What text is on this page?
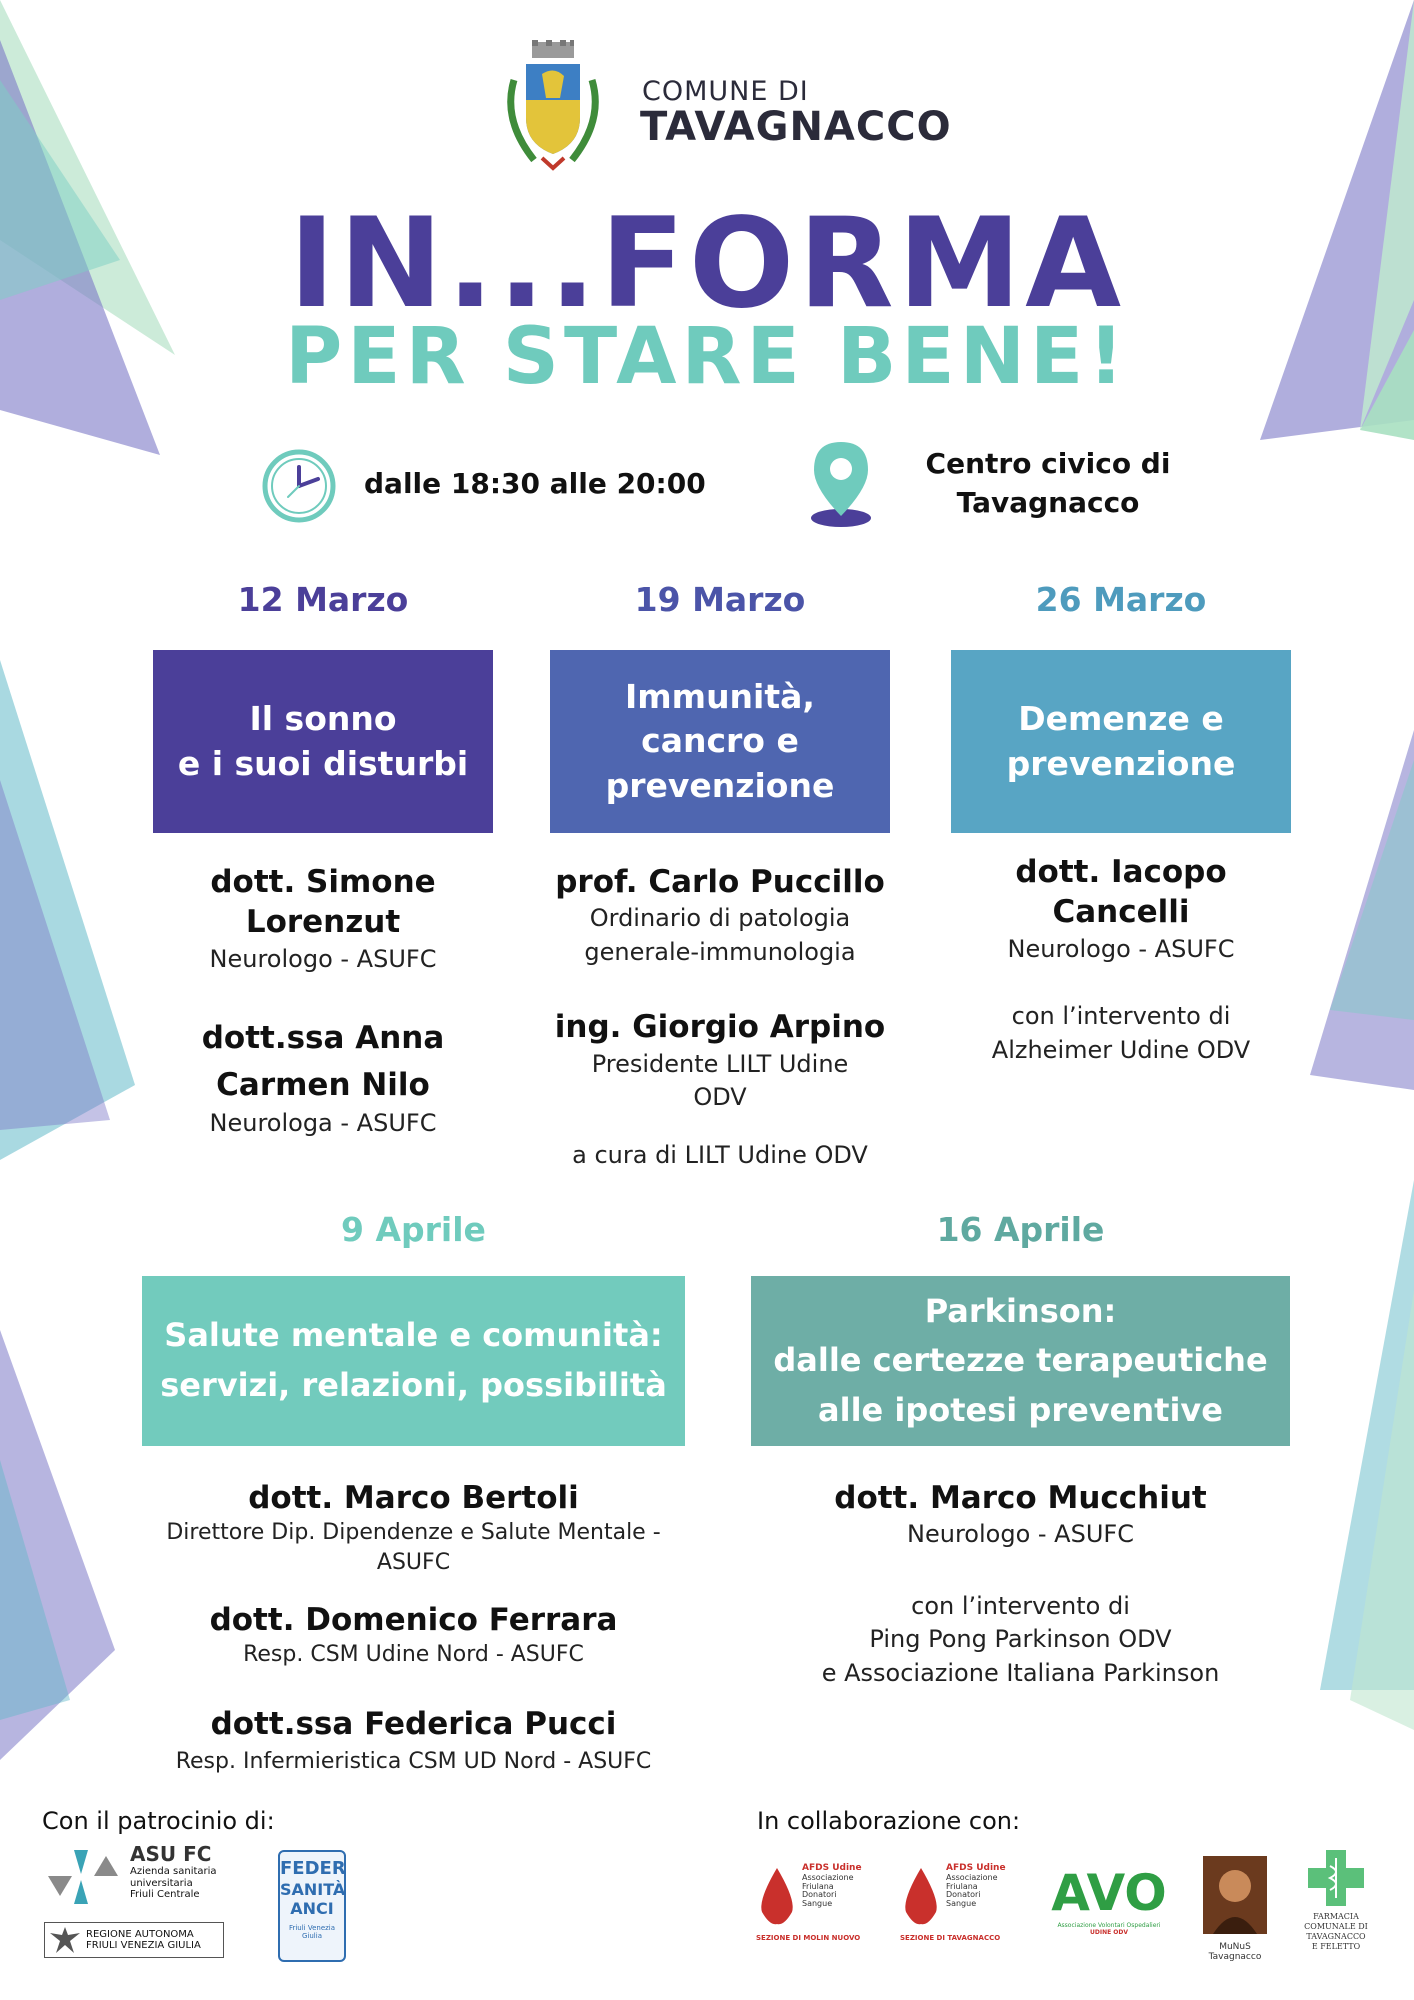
COMUNE DI
TAVAGNACCO
IN...FORMA
PER STARE BENE!
dalle 18:30 alle 20:00
Centro civico di
Tavagnacco
12 Marzo
Il sonno
e i suoi disturbi
dott. Simone
Lorenzut
Neurologo - ASUFC
dott.ssa Anna
Carmen Nilo
Neurologa - ASUFC
19 Marzo
Immunità,
cancro e
prevenzione
prof. Carlo Puccillo
Ordinario di patologia
generale-immunologia
ing. Giorgio Arpino
Presidente LILT Udine
ODV
a cura di LILT Udine ODV
26 Marzo
Demenze e
prevenzione
dott. Iacopo
Cancelli
Neurologo - ASUFC
con l’intervento di
Alzheimer Udine ODV
9 Aprile
Salute mentale e comunità:
servizi, relazioni, possibilità
dott. Marco Bertoli
Direttore Dip. Dipendenze e Salute Mentale -
ASUFC
dott. Domenico Ferrara
Resp. CSM Udine Nord - ASUFC
dott.ssa Federica Pucci
Resp. Infermieristica CSM UD Nord - ASUFC
16 Aprile
Parkinson:
dalle certezze terapeutiche
alle ipotesi preventive
dott. Marco Mucchiut
Neurologo - ASUFC
con l’intervento di
Ping Pong Parkinson ODV
e Associazione Italiana Parkinson
Con il patrocinio di:	In collaborazione con:
ASU FC
Azienda sanitaria
universitaria
Friuli Centrale
REGIONE AUTONOMA
FRIULI VENEZIA GIULIA
FEDER
SANITÀ
ANCI
Friuli Venezia Giulia
AFDS Udine
Associazione
Friulana
Donatori
Sangue
SEZIONE DI MOLIN NUOVO
AFDS Udine
Associazione
Friulana
Donatori
Sangue
SEZIONE DI TAVAGNACCO
AVO
Associazione Volontari Ospedalieri
UDINE ODV
MuNuS Tavagnacco
FARMACIA
COMUNALE DI
TAVAGNACCO
E FELETTO
